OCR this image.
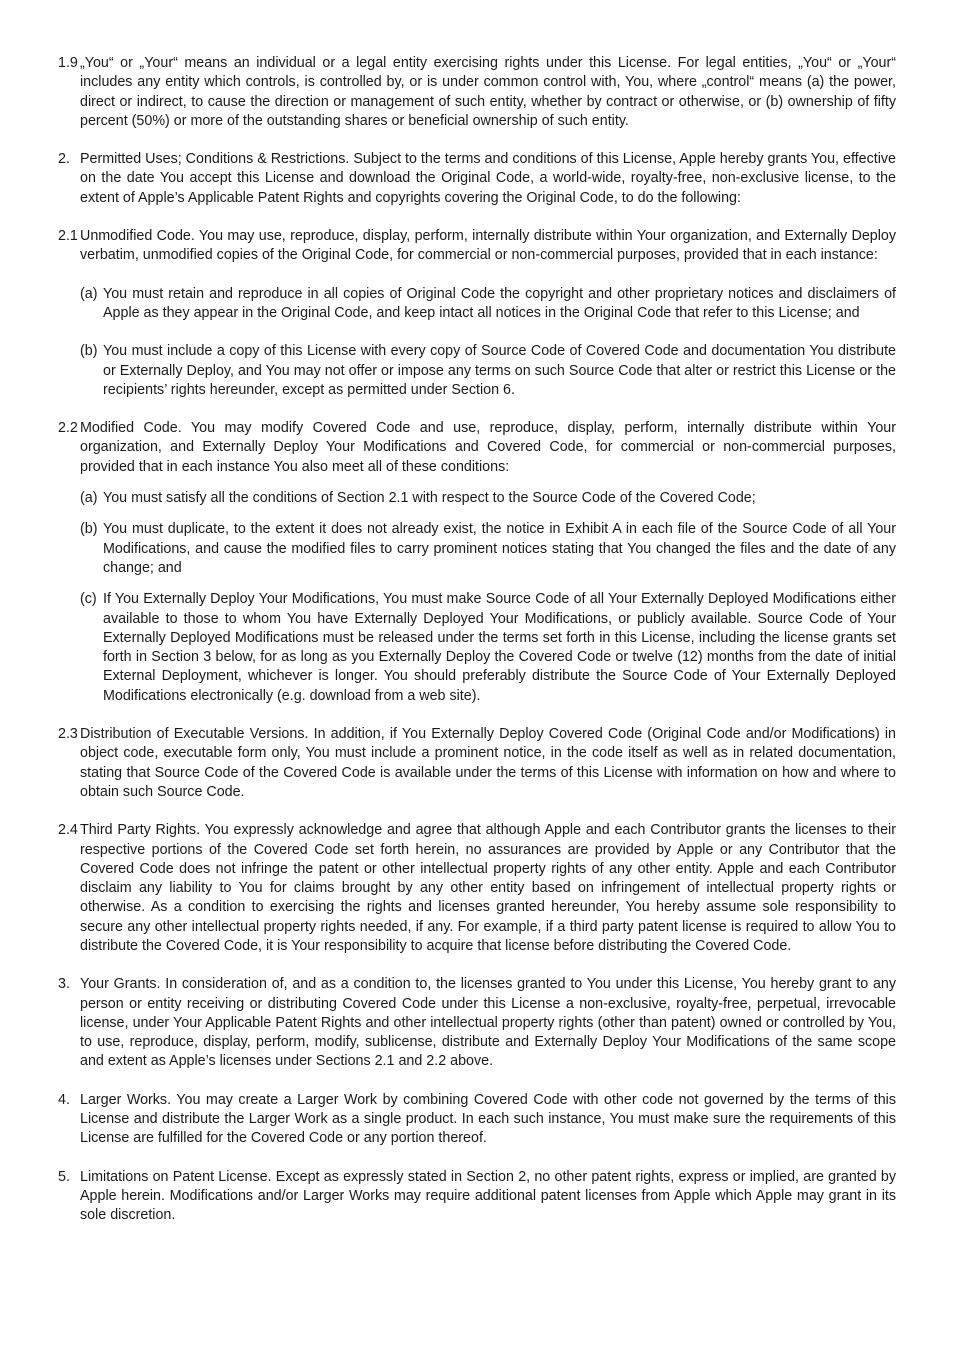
1.9 „You“ or „Your“ means an individual or a legal entity exercising rights under this License. For legal entities, „You“ or „Your“ includes any entity which controls, is controlled by, or is under common control with, You, where „control“ means (a) the power, direct or indirect, to cause the direction or management of such entity, whether by contract or otherwise, or (b) ownership of fifty percent (50%) or more of the outstanding shares or beneficial ownership of such entity.
2. Permitted Uses; Conditions & Restrictions. Subject to the terms and conditions of this License, Apple hereby grants You, effective on the date You accept this License and download the Original Code, a world-wide, royalty-free, non-exclusive license, to the extent of Apple’s Applicable Patent Rights and copyrights covering the Original Code, to do the following:
2.1 Unmodified Code. You may use, reproduce, display, perform, internally distribute within Your organization, and Externally Deploy verbatim, unmodified copies of the Original Code, for commercial or non-commercial purposes, provided that in each instance:
(a) You must retain and reproduce in all copies of Original Code the copyright and other proprietary notices and disclaimers of Apple as they appear in the Original Code, and keep intact all notices in the Original Code that refer to this License; and
(b) You must include a copy of this License with every copy of Source Code of Covered Code and documentation You distribute or Externally Deploy, and You may not offer or impose any terms on such Source Code that alter or restrict this License or the recipients’ rights hereunder, except as permitted under Section 6.
2.2 Modified Code. You may modify Covered Code and use, reproduce, display, perform, internally distribute within Your organization, and Externally Deploy Your Modifications and Covered Code, for commercial or non-commercial purposes, provided that in each instance You also meet all of these conditions:
(a) You must satisfy all the conditions of Section 2.1 with respect to the Source Code of the Covered Code;
(b) You must duplicate, to the extent it does not already exist, the notice in Exhibit A in each file of the Source Code of all Your Modifications, and cause the modified files to carry prominent notices stating that You changed the files and the date of any change; and
(c) If You Externally Deploy Your Modifications, You must make Source Code of all Your Externally Deployed Modifications either available to those to whom You have Externally Deployed Your Modifications, or publicly available. Source Code of Your Externally Deployed Modifications must be released under the terms set forth in this License, including the license grants set forth in Section 3 below, for as long as you Externally Deploy the Covered Code or twelve (12) months from the date of initial External Deployment, whichever is longer. You should preferably distribute the Source Code of Your Externally Deployed Modifications electronically (e.g. download from a web site).
2.3 Distribution of Executable Versions. In addition, if You Externally Deploy Covered Code (Original Code and/or Modifications) in object code, executable form only, You must include a prominent notice, in the code itself as well as in related documentation, stating that Source Code of the Covered Code is available under the terms of this License with information on how and where to obtain such Source Code.
2.4 Third Party Rights. You expressly acknowledge and agree that although Apple and each Contributor grants the licenses to their respective portions of the Covered Code set forth herein, no assurances are provided by Apple or any Contributor that the Covered Code does not infringe the patent or other intellectual property rights of any other entity. Apple and each Contributor disclaim any liability to You for claims brought by any other entity based on infringement of intellectual property rights or otherwise. As a condition to exercising the rights and licenses granted hereunder, You hereby assume sole responsibility to secure any other intellectual property rights needed, if any. For example, if a third party patent license is required to allow You to distribute the Covered Code, it is Your responsibility to acquire that license before distributing the Covered Code.
3. Your Grants. In consideration of, and as a condition to, the licenses granted to You under this License, You hereby grant to any person or entity receiving or distributing Covered Code under this License a non-exclusive, royalty-free, perpetual, irrevocable license, under Your Applicable Patent Rights and other intellectual property rights (other than patent) owned or controlled by You, to use, reproduce, display, perform, modify, sublicense, distribute and Externally Deploy Your Modifications of the same scope and extent as Apple’s licenses under Sections 2.1 and 2.2 above.
4. Larger Works. You may create a Larger Work by combining Covered Code with other code not governed by the terms of this License and distribute the Larger Work as a single product. In each such instance, You must make sure the requirements of this License are fulfilled for the Covered Code or any portion thereof.
5. Limitations on Patent License. Except as expressly stated in Section 2, no other patent rights, express or implied, are granted by Apple herein. Modifications and/or Larger Works may require additional patent licenses from Apple which Apple may grant in its sole discretion.
